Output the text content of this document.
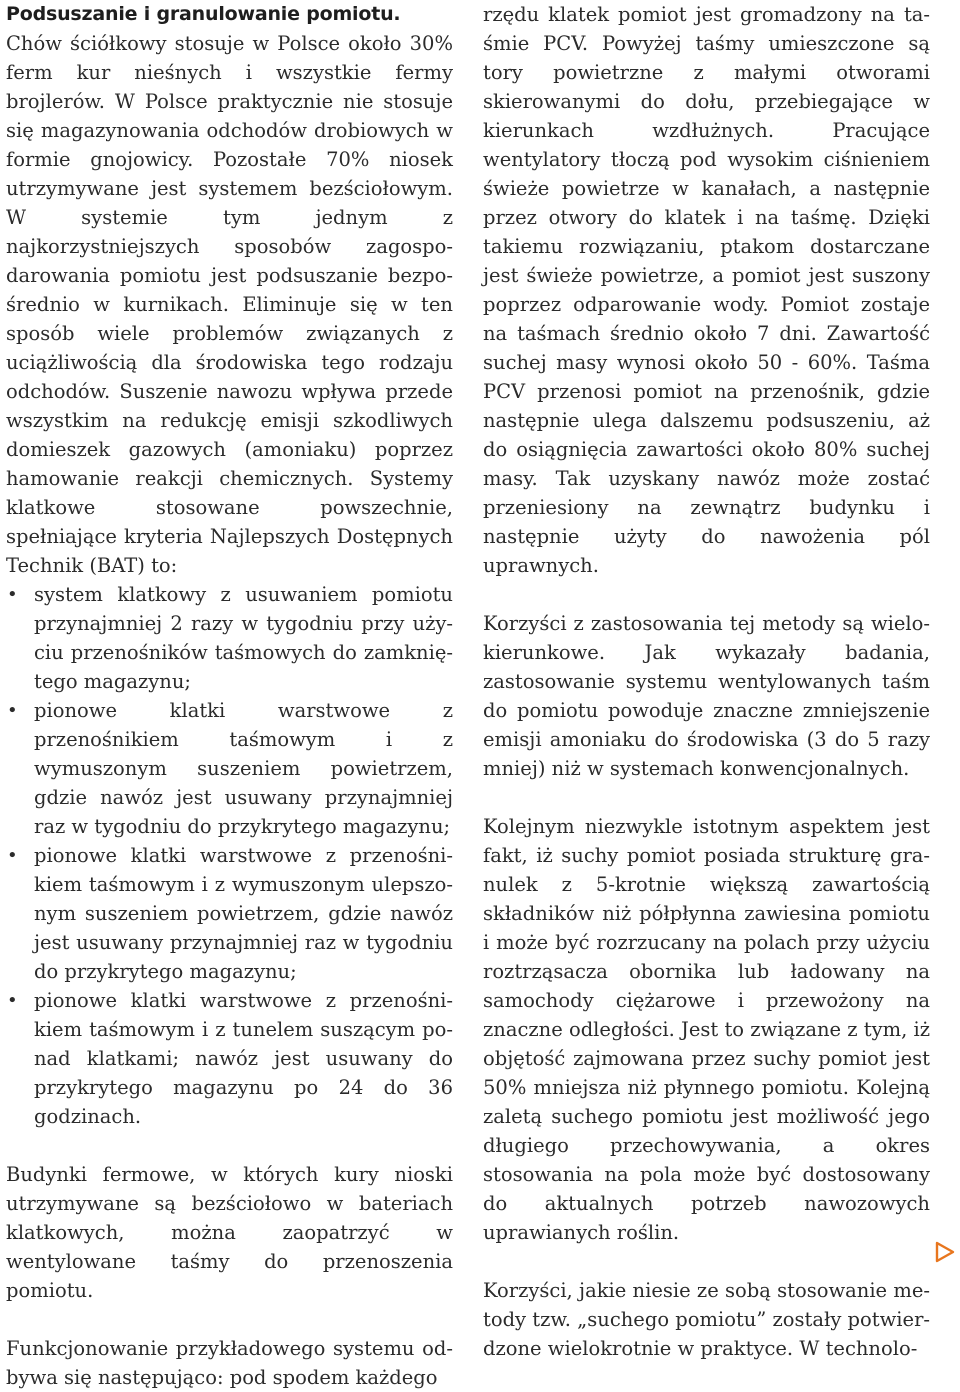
Podsuszanie i granulowanie pomiotu.

Chów ściółkowy stosuje w Polsce około 30% ferm kur nieśnych i wszystkie fermy brojlerów. W Polsce praktycznie nie stosuje się magazynowania odchodów drobiowych w formie gnojowicy. Pozostałe 70% niosek utrzymywane jest systemem bezściołowym. W systemie tym jednym z najkorzystniejszych sposobów zagospodarowania pomiotu jest podsuszanie bezpośrednio w kurnikach. Eliminuje się w ten sposób wiele problemów związanych z uciążliwością dla środowiska tego rodzaju odchodów. Suszenie nawozu wpływa przede wszystkim na redukcję emisji szkodliwych domieszek gazowych (amoniaku) poprzez hamowanie reakcji chemicznych. Systemy klatkowe stosowane powszechnie, spełniające kryteria Najlepszych Dostępnych Technik (BAT) to:

• system klatkowy z usuwaniem pomiotu przynajmniej 2 razy w tygodniu przy użyciu przenośników taśmowych do zamkniętego magazynu;
• pionowe klatki warstwowe z przenośnikiem taśmowym i z wymuszonym suszeniem powietrzem, gdzie nawóz jest usuwany przynajmniej raz w tygodniu do przykrytego magazynu;
• pionowe klatki warstwowe z przenośnikiem taśmowym i z wymuszonym ulepszonym suszeniem powietrzem, gdzie nawóz jest usuwany przynajmniej raz w tygodniu do przykrytego magazynu;
• pionowe klatki warstwowe z przenośnikiem taśmowym i z tunelem suszącym ponad klatkami; nawóz jest usuwany do przykrytego magazynu po 24 do 36 godzinach.

Budynki fermowe, w których kury nioski utrzymywane są bezściołowo w bateriach klatkowych, można zaopatrzyć w wentylowane taśmy do przenoszenia pomiotu.

Funkcjonowanie przykładowego systemu odbywa się następująco: pod spodem każdego

rzędu klatek pomiot jest gromadzony na taśmie PCV. Powyżej taśmy umieszczone są tory powietrzne z małymi otworami skierowanymi do dołu, przebiegające w kierunkach wzdłużnych. Pracujące wentylatory tłoczą pod wysokim ciśnieniem świeże powietrze w kanałach, a następnie przez otwory do klatek i na taśmę. Dzięki takiemu rozwiązaniu, ptakom dostarczane jest świeże powietrze, a pomiot jest suszony poprzez odparowanie wody. Pomiot zostaje na taśmach średnio około 7 dni. Zawartość suchej masy wynosi około 50 - 60%. Taśma PCV przenosi pomiot na przenośnik, gdzie następnie ulega dalszemu podsuszeniu, aż do osiągnięcia zawartości około 80% suchej masy. Tak uzyskany nawóz może zostać przeniesiony na zewnątrz budynku i następnie użyty do nawożenia pól uprawnych.

Korzyści z zastosowania tej metody są wielokierunkowe. Jak wykazały badania, zastosowanie systemu wentylowanych taśm do pomiotu powoduje znaczne zmniejszenie emisji amoniaku do środowiska (3 do 5 razy mniej) niż w systemach konwencjonalnych.

Kolejnym niezwykle istotnym aspektem jest fakt, iż suchy pomiot posiada strukturę granulek z 5-krotnie większą zawartością składników niż półpłynna zawiesina pomiotu i może być rozrzucany na polach przy użyciu roztrząsacza obornika lub ładowany na samochody ciężarowe i przewożony na znaczne odległości. Jest to związane z tym, iż objętość zajmowana przez suchy pomiot jest 50% mniejsza niż płynnego pomiotu. Kolejną zaletą suchego pomiotu jest możliwość jego długiego przechowywania, a okres stosowania na pola może być dostosowany do aktualnych potrzeb nawozowych uprawianych roślin.

Korzyści, jakie niesie ze sobą stosowanie metody tzw. „suchego pomiotu” zostały potwierdzone wielokrotnie w praktyce. W technolo-
